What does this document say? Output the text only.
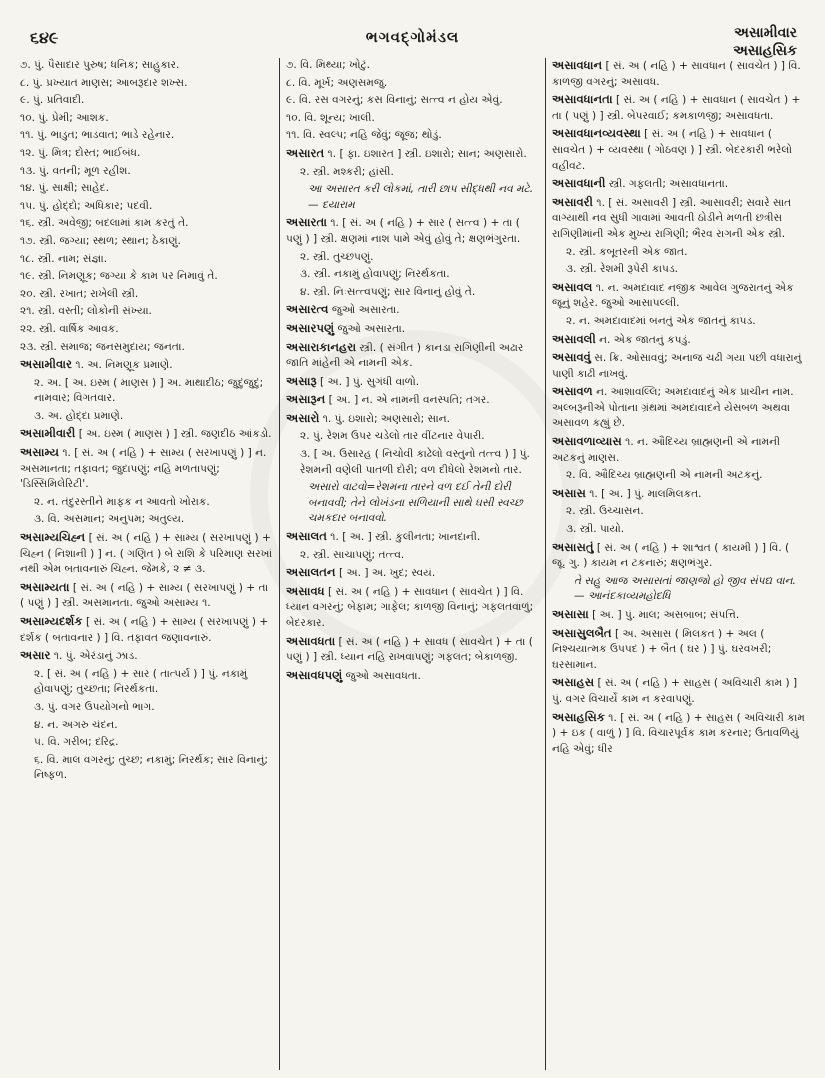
૬૪૯	ભગવદ્ગોમંડલ	અસામીવાર
અસાહસિક
૭. પું. પૈસાદાર પુરુષ; ધનિક; સાહુકાર.
૮. પું. પ્રખ્યાત માણસ; આબરૂદાર શખ્સ.
૯. પું. પ્રતિવાદી.
૧૦. પું. પ્રેમી; આશક.
૧૧. પું. ભાડુત; ભાડવાત; ભાડે રહેનાર.
૧૨. પું. મિત્ર; દોસ્ત; ભાઈબંધ.
૧૩. પું. વતની; મૂળ રહીશ.
૧૪. પું. સાક્ષી; સાહેદ.
૧૫. પું. હોદ્દો; અધિકાર; પદવી.
૧૬. સ્ત્રી. અવેજી; બદલામાં કામ કરતું તે.
૧૭. સ્ત્રી. જગ્યા; સ્થળ; સ્થાન; ઠેકાણું.
૧૮. સ્ત્રી. નામ; સંજ્ઞા.
૧૯. સ્ત્રી. નિમણૂક; જગ્યા કે કામ પર નિમાવું તે.
૨૦. સ્ત્રી. રખાત; રાખેલી સ્ત્રી.
૨૧. સ્ત્રી. વસ્તી; લોકોની સંખ્યા.
૨૨. સ્ત્રી. વાર્ષિક આવક.
૨૩. સ્ત્રી. સમાજ; જનસમુદાય; જનતા.
અસામીવાર ૧. અ. નિમણૂક પ્રમાણે.
૨. અ. [ અ. ઇસ્મ ( માણસ ) ] અ. માથાદીઠ; જુદુંજુદું; નામવાર; વિગતવાર.
૩. અ. હોદ્દા પ્રમાણે.
અસામીવારી [ અ. ઇસ્મ ( માણસ ) ] સ્ત્રી. જણદીઠ આંકડો.
અસામ્ય ૧. [ સં. અ ( નહિ ) + સામ્ય ( સરખાપણું ) ] ન. અસમાનતા; તફાવત; જુદાપણું; નહિ મળતાપણું; 'ડિસ્સિમિલેરિટી'.
૨. ન. તંદુરસ્તીને માફક ન આવતો ખોરાક.
૩. વિ. અસમાન; અનુપમ; અતુલ્ય.
અસામ્યચિહ્ન [ સં. અ ( નહિ ) + સામ્ય ( સરખાપણું ) + ચિહ્ન ( નિશાની ) ] ન. ( ગણિત ) બે રાશિ કે પરિમાણ સરખાં નથી એમ બતાવનારું ચિહ્ન. જેમકે, ૨ ≠ ૩.
અસામ્યતા [ સં. અ ( નહિ ) + સામ્ય ( સરખાપણું ) + તા ( પણું ) ] સ્ત્રી. અસમાનતા. જુઓ અસામ્ય ૧.
અસામ્યદર્શક [ સં. અ ( નહિ ) + સામ્ય ( સરખાપણું ) + દર્શક ( બતાવનાર ) ] વિ. તફાવત જણાવનારું.
અસાર ૧. પું. એરંડાનું ઝાડ.
૨. [ સં. અ ( નહિ ) + સાર ( તાત્પર્ય ) ] પું. નકામું હોવાપણું; તુચ્છતા; નિરર્થકતા.
૩. પું. વગર ઉપયોગનો ભાગ.
૪. ન. અગરુ ચંદન.
૫. વિ. ગરીબ; દરિદ્ર.
૬. વિ. માલ વગરનું; તુચ્છ; નકામું; નિરર્થક; સાર વિનાનું; નિષ્ફળ.
૭. વિ. મિથ્યા; ખોટું.
૮. વિ. મૂર્ખ; અણસમજુ.
૯. વિ. રસ વગરનું; કસ વિનાનું; સત્ત્વ ન હોય એવું.
૧૦. વિ. શૂન્ય; ખાલી.
૧૧. વિ. સ્વલ્પ; નહિ જેવું; જૂજ; થોડું.
અસારત ૧. [ ફા. ઇશારત ] સ્ત્રી. ઇશારો; સાન; અણસારો.
૨. સ્ત્રી. મશ્કરી; હાંસી.
આ અસારત કરી લોકમાં, તારી છાપ સીદ્ધથી નવ મટે. — દયારામ
અસારતા ૧. [ સં. અ ( નહિ ) + સાર ( સત્ત્વ ) + તા ( પણું ) ] સ્ત્રી. ક્ષણમાં નાશ પામે એવું હોવું તે; ક્ષણભંગુરતા.
૨. સ્ત્રી. તુચ્છપણું.
૩. સ્ત્રી. નકામું હોવાપણું; નિરર્થકતા.
૪. સ્ત્રી. નિઃસત્ત્વપણું; સાર વિનાનું હોવું તે.
અસારત્વ જુઓ અસારતા.
અસારપણું જુઓ અસારતા.
અસારાકાનહરા સ્ત્રી. ( સંગીત ) કાનડા રાગિણીની અઢાર જાતિ માંહેની એ નામની એક.
અસારૂ [ અ. ] પું. સુગંધી વાળો.
અસારૂન [ અ. ] ન. એ નામની વનસ્પતિ; તગર.
અસારો ૧. પું. ઇશારો; અણસારો; સાન.
૨. પું. રેશમ ઉપર ચડેલો તાર વીંટનાર વેપારી.
૩. [ અ. ઉસારહ ( નિચોવી કાઢેલો વસ્તુનો તત્ત્વ ) ] પું. રેશમની વણેલી પાતળી દોરી; વળ દીધેલો રેશમનો તાર.
અસારો વાટવો=રેશમના તારને વળ દઈ તેની દોરી બનાવવી; તેને લોખંડના સળિયાની સાથે ઘસી સ્વચ્છ ચમકદાર બનાવવો.
અસાલત ૧. [ અ. ] સ્ત્રી. કુલીનતા; ખાનદાની.
૨. સ્ત્રી. સાચાપણું; તત્ત્વ.
અસાલતન [ અ. ] અ. ખુદ; સ્વયં.
અસાવધ [ સં. અ ( નહિ ) + સાવધાન ( સાવચેત ) ] વિ. ધ્યાન વગરનું; બેફામ; ગાફેલ; કાળજી વિનાનું; ગફલતવાળું; બેદરકાર.
અસાવધતા [ સં. અ ( નહિ ) + સાવધ ( સાવચેત ) + તા ( પણું ) ] સ્ત્રી. ધ્યાન નહિ રાખવાપણું; ગફલત; બેકાળજી.
અસાવધપણું જુઓ અસાવધતા.
અસાવધાન [ સં. અ ( નહિ ) + સાવધાન ( સાવચેત ) ] વિ. કાળજી વગરનું; અસાવધ.
અસાવધાનતા [ સં. અ ( નહિ ) + સાવધાન ( સાવચેત ) + તા ( પણું ) ] સ્ત્રી. બેપરવાઈ; કમકાળજી; અસાવધતા.
અસાવધાનવ્યવસ્થા [ સં. અ ( નહિ ) + સાવધાન ( સાવચેત ) + વ્યવસ્થા ( ગોઠવણ ) ] સ્ત્રી. બેદરકારી ભરેલો વહીવટ.
અસાવધાની સ્ત્રી. ગફલતી; અસાવધાનતા.
અસાવરી ૧. [ સં. અસાવરી ] સ્ત્રી. આસાવરી; સવારે સાત વાગ્યાથી નવ સુધી ગાવામાં આવતી ઠોડીને મળતી છત્રીસ રાગિણીમાંની એક મુખ્ય રાગિણી; ભૈરવ રાગની એક સ્ત્રી.
૨. સ્ત્રી. કબૂતરની એક જાત.
૩. સ્ત્રી. રેશમી રૂપેરી કાપડ.
અસાવલ ૧. ન. અમદાવાદ નજીક આવેલ ગુજરાતનું એક જૂનું શહેર. જુઓ આસાપલ્લી.
૨. ન. અમદાવાદમાં બનતું એક જાતનું કાપડ.
અસાવલી ન. એક જાતનું કપડું.
અસાવવું સ. ક્રિ. ઓસાવવું; અનાજ ચઢી ગયા પછી વધારાનું પાણી કાઢી નાખવું.
અસાવળ ન. આશાવલ્લિ; અમદાવાદનું એક પ્રાચીન નામ. અલ્બરૂનીએ પોતાના ગ્રંથમાં અમદાવાદને યેસબળ અથવા અસાવળ કહ્યું છે.
અસાવળાવ્યાસ ૧. ન. ઔદિચ્ય બ્રાહ્મણની એ નામની અટકનું માણસ.
૨. વિ. ઔદિચ્ય બ્રાહ્મણની એ નામની અટકનું.
અસાસ ૧. [ અ. ] પું. માલમિલકત.
૨. સ્ત્રી. ઉચ્ચાસન.
૩. સ્ત્રી. પાયો.
અસાસતું [ સં. અ ( નહિ ) + શાશ્વત ( કાયમી ) ] વિ. ( જૂ. ગુ. ) કાયમ ન ટકનારું; ક્ષણભંગુર.
તે સહુ આજ અસાસતાં જાણજો હો જીવ સંપદ્ય વાન. — આનંદકાવ્યમહોદધિ
અસાસા [ અ. ] પું. માલ; અસબાબ; સંપત્તિ.
અસાસુલબૈત [ અ. અસાસ ( મિલકત ) + અલ ( નિશ્ચયાત્મક ઉપપદ ) + બૈત ( ઘર ) ] પું. ઘરવખરી; ઘરસામાન.
અસાહસ [ સં. અ ( નહિ ) + સાહસ ( અવિચારી કામ ) ] પું. વગર વિચાર્યે કામ ન કરવાપણું.
અસાહસિક ૧. [ સં. અ ( નહિ ) + સાહસ ( અવિચારી કામ ) + ઇક ( વાળું ) ] વિ. વિચારપૂર્વક કામ કરનાર; ઉતાવળિયું નહિ એવું; ધીર
